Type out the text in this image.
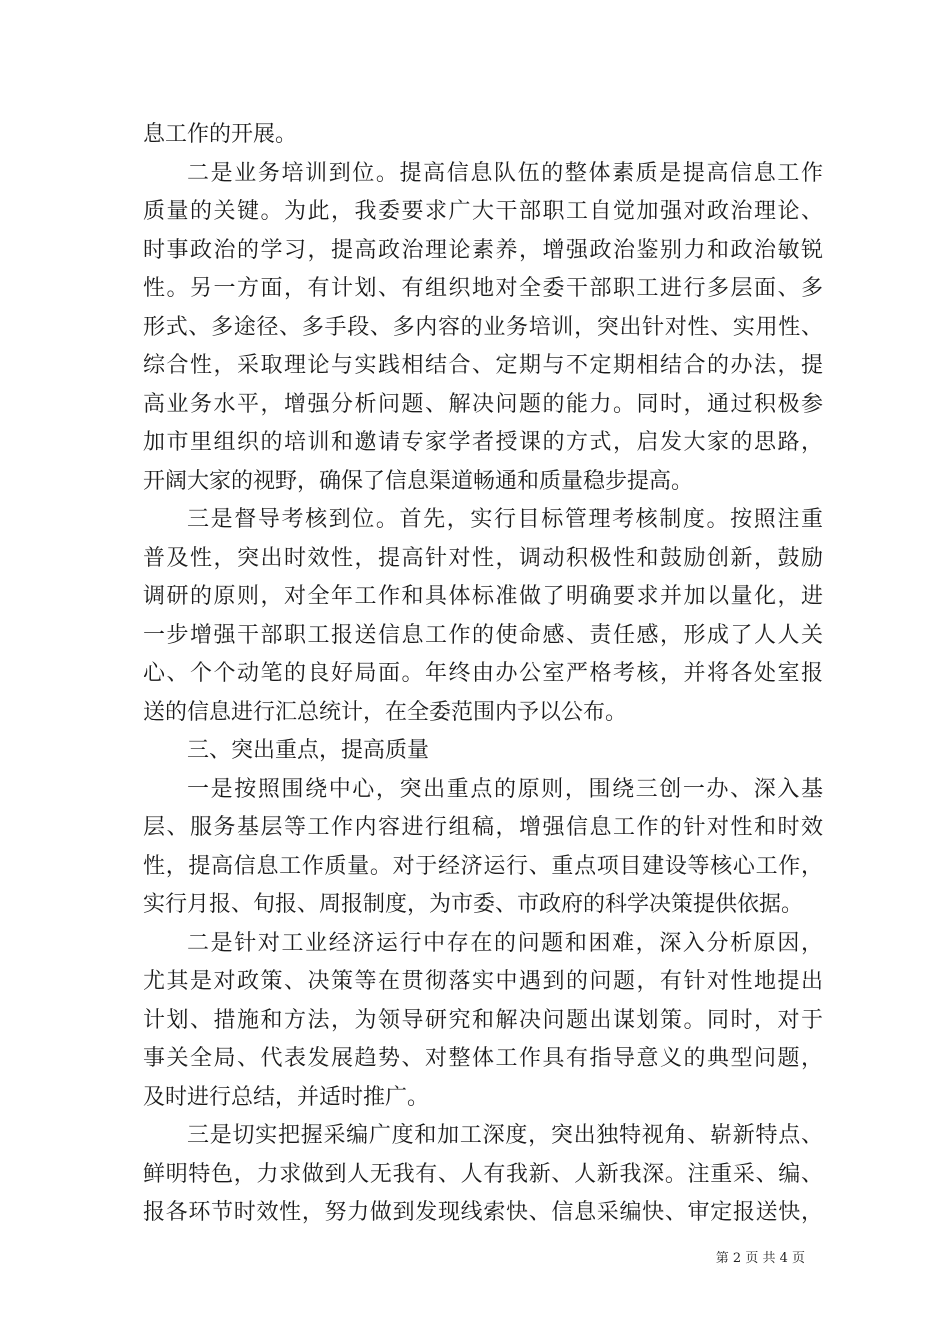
息工作的开展。
二是业务培训到位。提高信息队伍的整体素质是提高信息工作
质量的关键。为此，我委要求广大干部职工自觉加强对政治理论、
时事政治的学习，提高政治理论素养，增强政治鉴别力和政治敏锐
性。另一方面，有计划、有组织地对全委干部职工进行多层面、多
形式、多途径、多手段、多内容的业务培训，突出针对性、实用性、
综合性，采取理论与实践相结合、定期与不定期相结合的办法，提
高业务水平，增强分析问题、解决问题的能力。同时，通过积极参
加市里组织的培训和邀请专家学者授课的方式，启发大家的思路，
开阔大家的视野，确保了信息渠道畅通和质量稳步提高。
三是督导考核到位。首先，实行目标管理考核制度。按照注重
普及性，突出时效性，提高针对性，调动积极性和鼓励创新，鼓励
调研的原则，对全年工作和具体标准做了明确要求并加以量化，进
一步增强干部职工报送信息工作的使命感、责任感，形成了人人关
心、个个动笔的良好局面。年终由办公室严格考核，并将各处室报
送的信息进行汇总统计，在全委范围内予以公布。
三、突出重点，提高质量
一是按照围绕中心，突出重点的原则，围绕三创一办、深入基
层、服务基层等工作内容进行组稿，增强信息工作的针对性和时效
性，提高信息工作质量。对于经济运行、重点项目建设等核心工作，
实行月报、旬报、周报制度，为市委、市政府的科学决策提供依据。
二是针对工业经济运行中存在的问题和困难，深入分析原因，
尤其是对政策、决策等在贯彻落实中遇到的问题，有针对性地提出
计划、措施和方法，为领导研究和解决问题出谋划策。同时，对于
事关全局、代表发展趋势、对整体工作具有指导意义的典型问题，
及时进行总结，并适时推广。
三是切实把握采编广度和加工深度，突出独特视角、崭新特点、
鲜明特色，力求做到人无我有、人有我新、人新我深。注重采、编、
报各环节时效性，努力做到发现线索快、信息采编快、审定报送快，
第 2 页 共 4 页
